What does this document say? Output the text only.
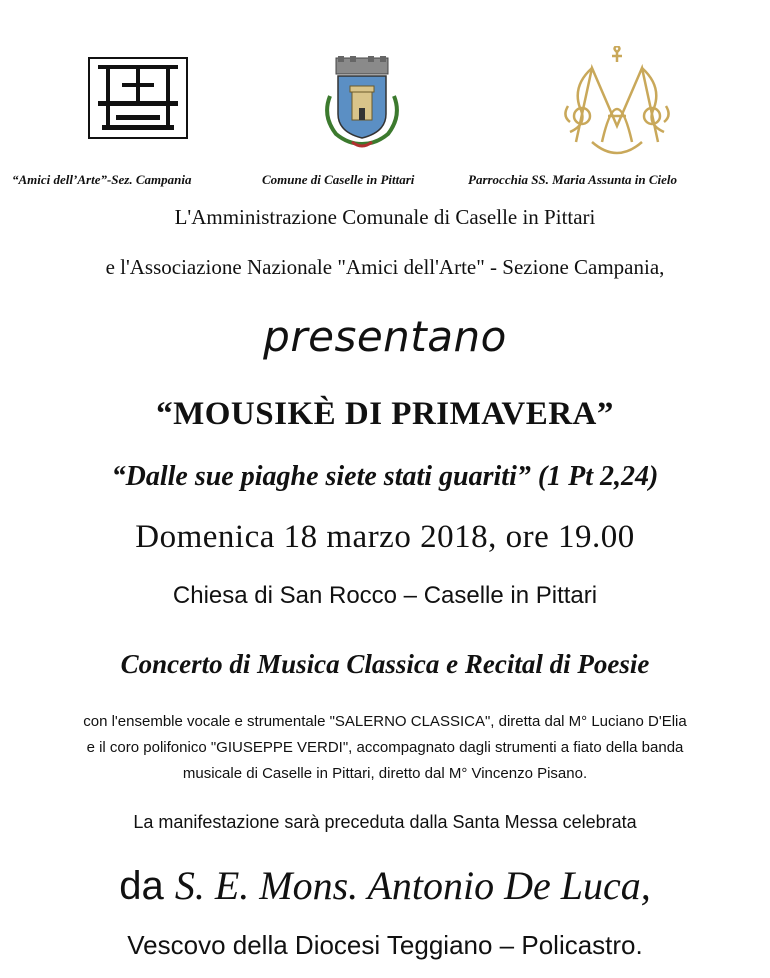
“Amici dell’Arte”-Sez. Campania	Comune di Caselle in Pittari	Parrocchia SS. Maria Assunta in Cielo
L'Amministrazione Comunale di Caselle in Pittari
e l'Associazione Nazionale "Amici dell'Arte" - Sezione Campania,
presentano
“MOUSIKÈ DI PRIMAVERA”
“Dalle sue piaghe siete stati guariti” (1 Pt 2,24)
Domenica 18 marzo 2018, ore 19.00
Chiesa di San Rocco – Caselle in Pittari
Concerto di Musica Classica e Recital di Poesie
con l'ensemble vocale e strumentale "SALERNO CLASSICA", diretta dal M° Luciano D'Elia
e il coro polifonico "GIUSEPPE VERDI", accompagnato dagli strumenti a fiato della banda
musicale di Caselle in Pittari, diretto dal M° Vincenzo Pisano.
La manifestazione sarà preceduta dalla Santa Messa celebrata
da S. E. Mons. Antonio De Luca,
Vescovo della Diocesi Teggiano – Policastro.
